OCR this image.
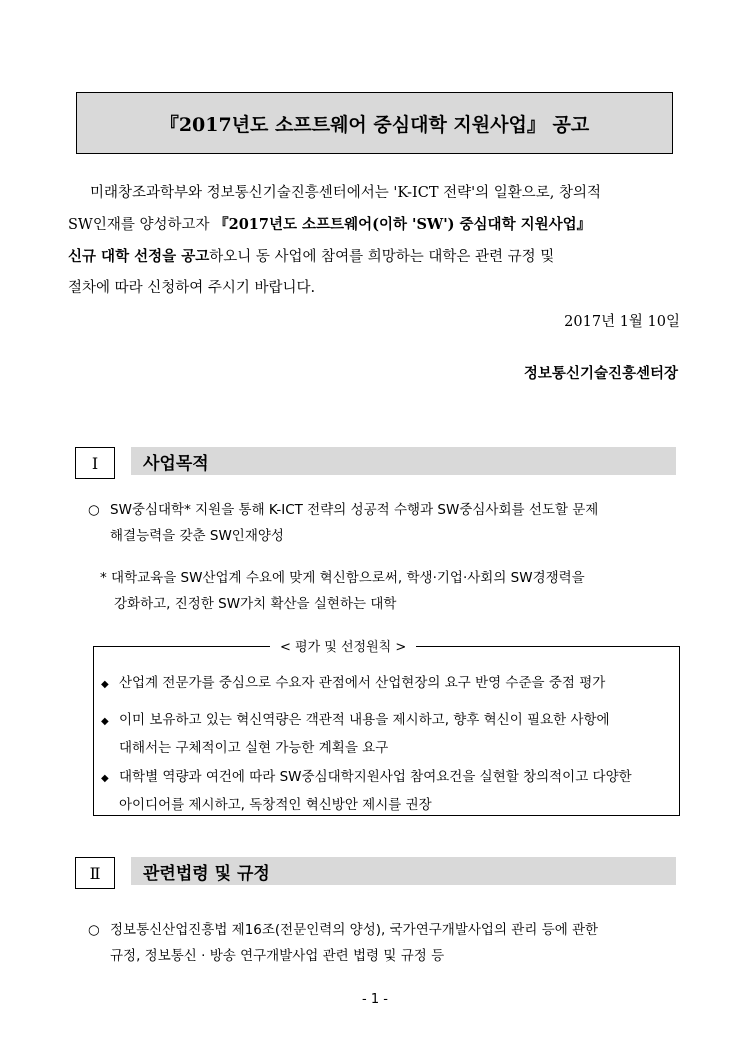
『2017년도 소프트웨어 중심대학 지원사업』 공고
미래창조과학부와 정보통신기술진흥센터에서는 'K-ICT 전략'의 일환으로, 창의적
SW인재를 양성하고자 『2017년도 소프트웨어(이하 'SW') 중심대학 지원사업』
신규 대학 선정을 공고하오니 동 사업에 참여를 희망하는 대학은 관련 규정 및
절차에 따라 신청하여 주시기 바랍니다.
2017년 1월 10일
정보통신기술진흥센터장
Ⅰ	사업목적
○ SW중심대학* 지원을 통해 K-ICT 전략의 성공적 수행과 SW중심사회를 선도할 문제
해결능력을 갖춘 SW인재양성
* 대학교육을 SW산업계 수요에 맞게 혁신함으로써, 학생·기업·사회의 SW경쟁력을
강화하고, 진정한 SW가치 확산을 실현하는 대학
< 평가 및 선정원칙 >
◆ 산업계 전문가를 중심으로 수요자 관점에서 산업현장의 요구 반영 수준을 중점 평가
◆ 이미 보유하고 있는 혁신역량은 객관적 내용을 제시하고, 향후 혁신이 필요한 사항에
대해서는 구체적이고 실현 가능한 계획을 요구
◆ 대학별 역량과 여건에 따라 SW중심대학지원사업 참여요건을 실현할 창의적이고 다양한
아이디어를 제시하고, 독창적인 혁신방안 제시를 권장
Ⅱ	관련법령 및 규정
○ 정보통신산업진흥법 제16조(전문인력의 양성), 국가연구개발사업의 관리 등에 관한
규정, 정보통신 · 방송 연구개발사업 관련 법령 및 규정 등
- 1 -
